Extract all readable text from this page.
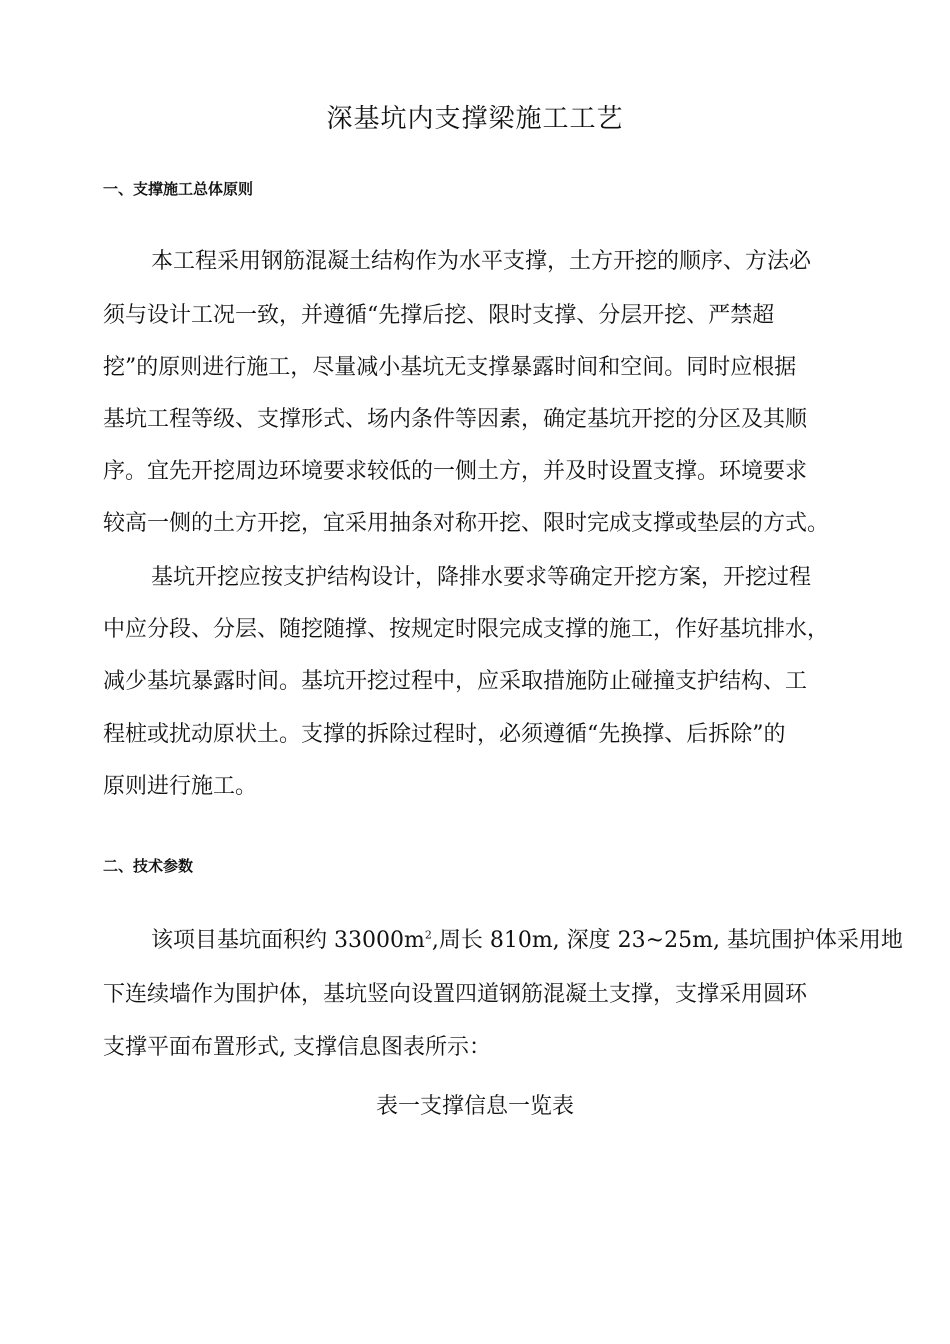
深基坑内支撑梁施工工艺
一、支撑施工总体原则
本工程采用钢筋混凝土结构作为水平支撑，土方开挖的顺序、方法必
须与设计工况一致，并遵循“先撑后挖、限时支撑、分层开挖、严禁超
挖”的原则进行施工，尽量减小基坑无支撑暴露时间和空间。同时应根据
基坑工程等级、支撑形式、场内条件等因素，确定基坑开挖的分区及其顺
序。宜先开挖周边环境要求较低的一侧土方，并及时设置支撑。环境要求
较高一侧的土方开挖，宜采用抽条对称开挖、限时完成支撑或垫层的方式。
基坑开挖应按支护结构设计，降排水要求等确定开挖方案，开挖过程
中应分段、分层、随挖随撑、按规定时限完成支撑的施工，作好基坑排水，
减少基坑暴露时间。基坑开挖过程中，应采取措施防止碰撞支护结构、工
程桩或扰动原状土。支撑的拆除过程时，必须遵循“先换撑、后拆除”的
原则进行施工。
二、技术参数
该项目基坑面积约 $33000m^2$,周长 810m, 深度 23~25m, 基坑围护体采用地
下连续墙作为围护体，基坑竖向设置四道钢筋混凝土支撑，支撑采用圆环
支撑平面布置形式, 支撑信息图表所示：
表一支撑信息一览表
